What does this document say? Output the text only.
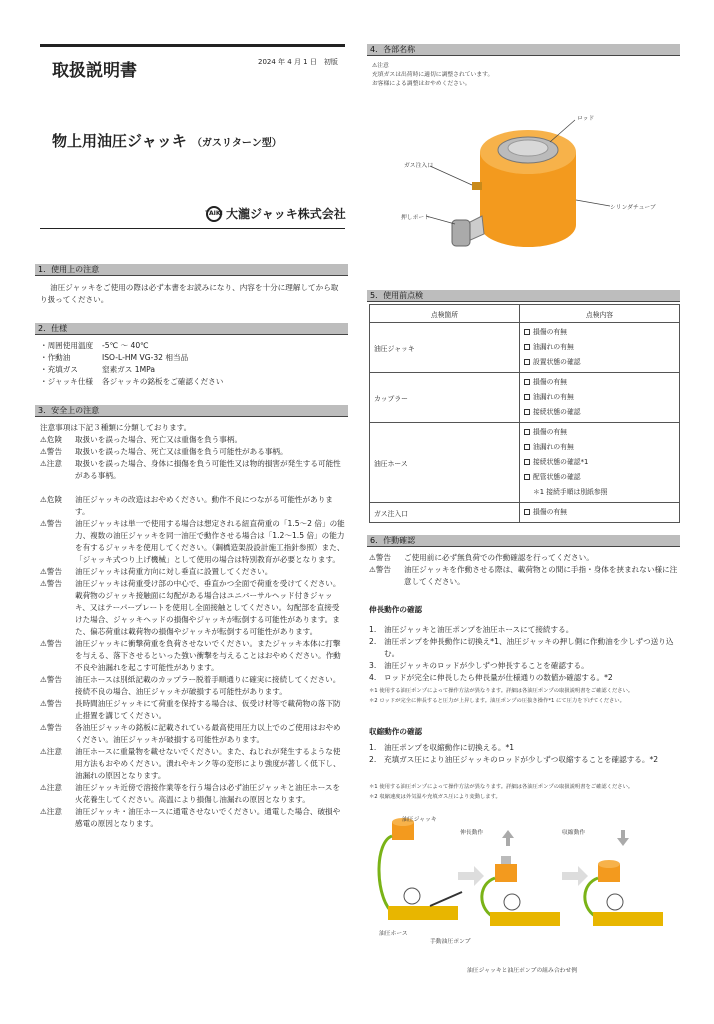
取扱説明書	2024 年 4 月 1 日　初版
物上用油圧ジャッキ （ガスリターン型）
TAIKI 大瀧ジャッキ株式会社
1．使用上の注意
油圧ジャッキをご使用の際は必ず本書をお読みになり、内容を十分に理解してから取り扱ってください。
2．仕様
・周囲使用温度	-5℃ ～ 40℃
・作動油	ISO-L-HM VG-32 相当品
・充填ガス	窒素ガス 1MPa
・ジャッキ仕様	各ジャッキの銘板をご確認ください
3．安全上の注意
注意事項は下記３種類に分類しております。
⚠危険	取扱いを誤った場合、死亡又は重傷を負う事柄。
⚠警告	取扱いを誤った場合、死亡又は重傷を負う可能性がある事柄。
⚠注意	取扱いを誤った場合、身体に損傷を負う可能性又は物的損害が発生する可能性がある事柄。
⚠危険	油圧ジャッキの改造はおやめください。動作不良につながる可能性があります。
⚠警告	油圧ジャッキは単一で使用する場合は想定される紐直荷重の「1.5～2 倍」の能力、複数の油圧ジャッキを同一油圧で動作させる場合は「1.2～1.5 倍」の能力を有するジャッキを使用してください。（鋼橋造架設設計施工指針参照）また、「ジャッキ式つり上げ機械」として使用の場合は特別教育が必要となります。
⚠警告	油圧ジャッキは荷重方向に対し垂直に設置してください。
⚠警告	油圧ジャッキは荷重受け部の中心で、垂直かつ全面で荷重を受けてください。載荷物のジャッキ接触面に勾配がある場合はユニバーサルヘッド付きジャッキ、又はテーパープレートを使用し全面接触としてください。勾配部を直接受けた場合、ジャッキヘッドの損傷やジャッキが転倒する可能性があります。また、偏芯荷重は載荷物の損傷やジャッキが転倒する可能性があります。
⚠警告	油圧ジャッキに衝撃荷重を負荷させないでください。またジャッキ本体に打撃を与える、落下させるといった強い衝撃を与えることはおやめください。作動不良や油漏れを起こす可能性があります。
⚠警告	油圧ホースは別紙記載のカップラー脱着手順通りに確実に接続してください。接続不良の場合、油圧ジャッキが破損する可能性があります。
⚠警告	長時間油圧ジャッキにて荷重を保持する場合は、仮受け材等で載荷物の落下防止措置を講じてください。
⚠警告	各油圧ジャッキの銘板に記載されている最高使用圧力以上でのご使用はおやめください。油圧ジャッキが破損する可能性があります。
⚠注意	油圧ホースに重量物を載せないでください。また、ねじれが発生するような使用方法もおやめください。潰れやキンク等の変形により強度が著しく低下し、油漏れの原因となります。
⚠注意	油圧ジャッキ近傍で溶接作業等を行う場合は必ず油圧ジャッキと油圧ホースを火花養生してください。高温により損傷し油漏れの原因となります。
⚠注意	油圧ジャッキ・油圧ホースに通電させないでください。通電した場合、破損や感電の原因となります。
4．各部名称
⚠注意
充填ガスは出荷時に適切に調整されています。
お客様による調整はおやめください。
ロッド
ガス注入口
押しポート
シリンダチューブ
5．使用前点検
点検箇所	点検内容
油圧ジャッキ	損傷の有無
油漏れの有無
設置状態の確認

カップラー	損傷の有無
油漏れの有無
接続状態の確認

油圧ホース	損傷の有無
油漏れの有無
接続状態の確認*1
配管状態の確認
＊1 接続手順は別紙参照

ガス注入口	損傷の有無
6．作動確認
⚠警告	ご使用前に必ず無負荷での作動確認を行ってください。
⚠警告	油圧ジャッキを作動させる際は、載荷物との間に手指・身体を挟まれない様に注意してください。
伸長動作の確認
1.	油圧ジャッキと油圧ポンプを油圧ホースにて接続する。
2.	油圧ポンプを伸長動作に切換え*1、油圧ジャッキの押し側に作動油を少しずつ送り込む。
3.	油圧ジャッキのロッドが少しずつ伸長することを確認する。
4.	ロッドが完全に伸長したら伸長量が仕様通りの数値か確認する。*2
＊1 使用する油圧ポンプによって操作方法が異なります。詳細は各油圧ポンプの取扱説明書をご確認ください。
＊2 ロッドが完全に伸長すると圧力が上昇します。油圧ポンプの圧抜き操作*1 にて圧力を下げてください。
収縮動作の確認
1.	油圧ポンプを収縮動作に切換える。*1
2.	充填ガス圧により油圧ジャッキのロッドが少しずつ収縮することを確認する。*2
＊1 使用する油圧ポンプによって操作方法が異なります。詳細は各油圧ポンプの取扱説明書をご確認ください。
＊2 収縮速度は外気温や充填ガス圧により変動します。
油圧ジャッキ
伸長動作	収縮動作
油圧ホース
手動油圧ポンプ
油圧ジャッキと油圧ポンプの組み合わせ例
